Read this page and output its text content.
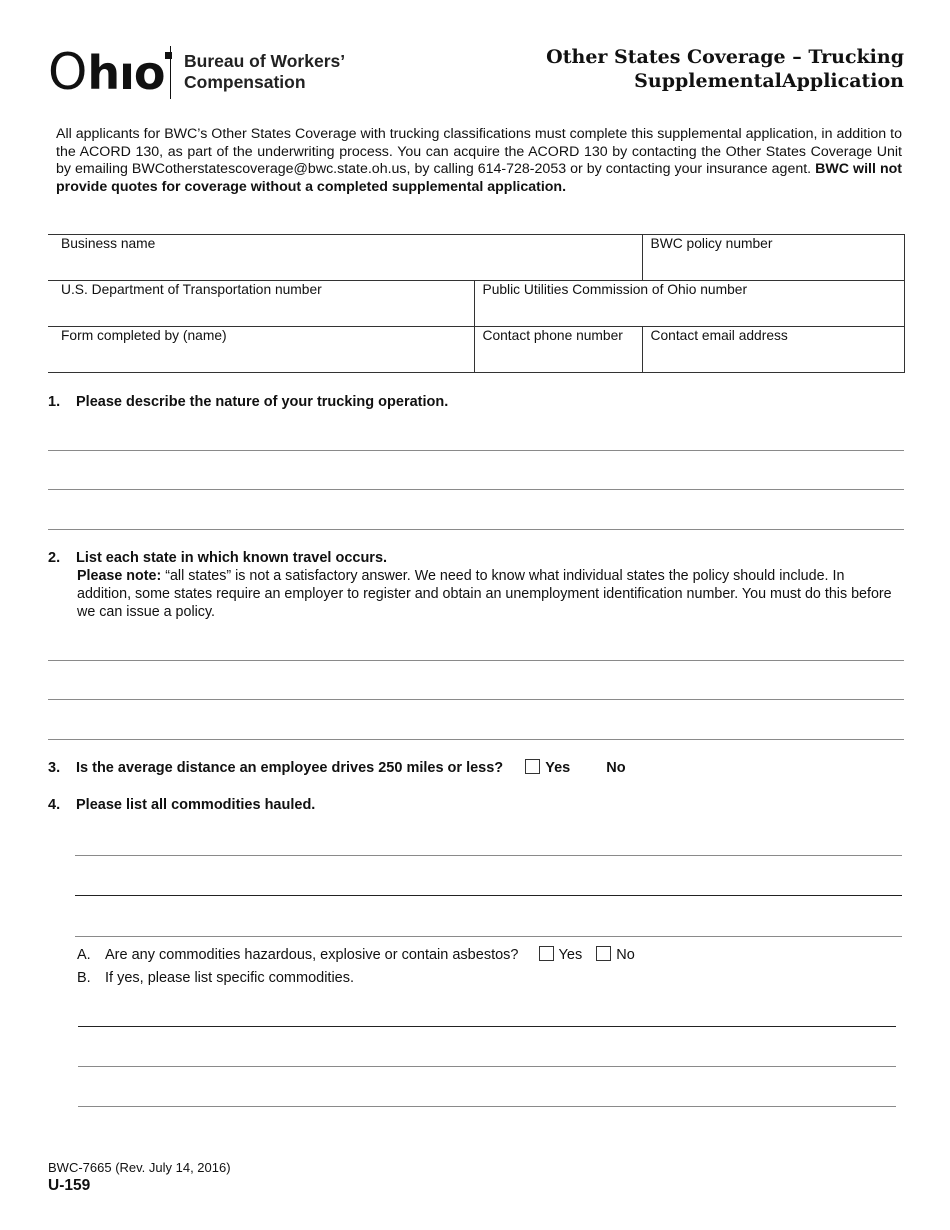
Ohıo Bureau of Workers’
Compensation
Other States Coverage – Trucking
SupplementalApplication
All applicants for BWC’s Other States Coverage with trucking classifications must complete this supplemental application, in addition to the ACORD 130, as part of the underwriting process. You can acquire the ACORD 130 by contacting the Other States Coverage Unit by emailing BWCotherstatescoverage@bwc.state.oh.us, by calling 614-728-2053 or by contacting your insurance agent. BWC will not provide quotes for coverage without a completed supplemental application.
Business name		BWC policy number
U.S. Department of Transportation number	Public Utilities Commission of Ohio number	
Form completed by (name)	Contact phone number	Contact email address
1. Please describe the nature of your trucking operation.
2. List each state in which known travel occurs.
Please note: “all states” is not a satisfactory answer. We need to know what individual states the policy should include. In addition, some states require an employer to register and obtain an unemployment identification number. You must do this before we can issue a policy.
3. Is the average distance an employee drives 250 miles or less?	Yes No
4. Please list all commodities hauled.
A. Are any commodities hazardous, explosive or contain asbestos?	Yes No
B. If yes, please list specific commodities.
BWC-7665 (Rev. July 14, 2016)
U-159
